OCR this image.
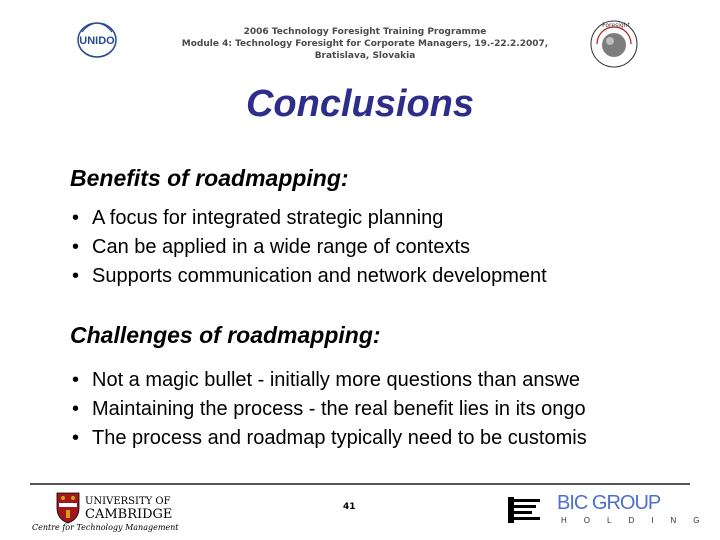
UNIDO
2006 Technology Foresight Training Programme
Module 4: Technology Foresight for Corporate Managers, 19.-22.2.2007,
Bratislava, Slovakia
Foresight
Conclusions
Benefits of roadmapping:
• A focus for integrated strategic planning
• Can be applied in a wide range of contexts
• Supports communication and network development
Challenges of roadmapping:
• Not a magic bullet - initially more questions than answe
• Maintaining the process - the real benefit lies in its ongo
• The process and roadmap typically need to be customis
UNIVERSITY OF
CAMBRIDGE
Centre for Technology Management
41	BIC GROUP
HOLDING
